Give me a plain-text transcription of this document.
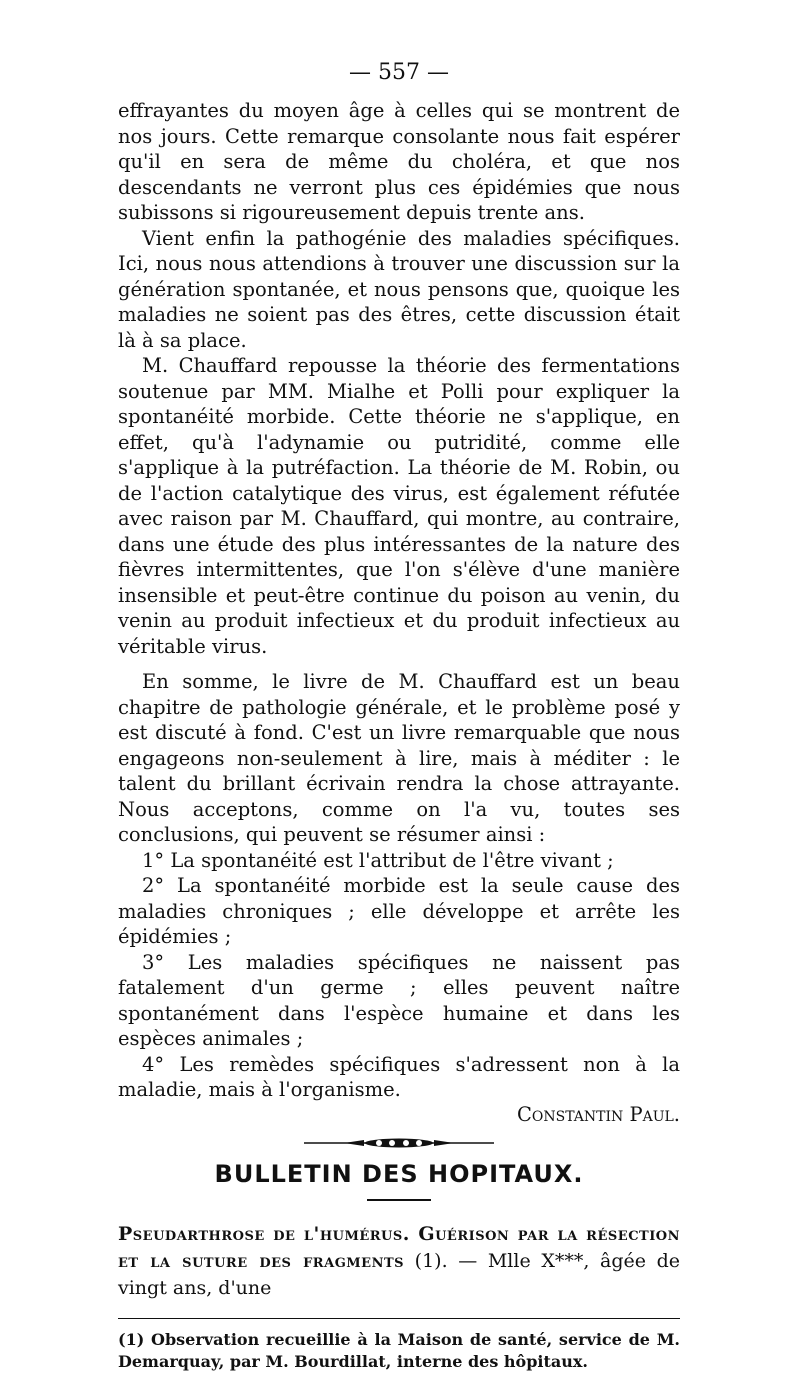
— 557 —

effrayantes du moyen âge à celles qui se montrent de nos jours. Cette remarque consolante nous fait espérer qu'il en sera de même du choléra, et que nos descendants ne verront plus ces épidémies que nous subissons si rigoureusement depuis trente ans.

Vient enfin la pathogénie des maladies spécifiques. Ici, nous nous attendions à trouver une discussion sur la génération spontanée, et nous pensons que, quoique les maladies ne soient pas des êtres, cette discussion était là à sa place.

M. Chauffard repousse la théorie des fermentations soutenue par MM. Mialhe et Polli pour expliquer la spontanéité morbide. Cette théorie ne s'applique, en effet, qu'à l'adynamie ou putridité, comme elle s'applique à la putréfaction. La théorie de M. Robin, ou de l'action catalytique des virus, est également réfutée avec raison par M. Chauffard, qui montre, au contraire, dans une étude des plus intéressantes de la nature des fièvres intermittentes, que l'on s'élève d'une manière insensible et peut-être continue du poison au venin, du venin au produit infectieux et du produit infectieux au véritable virus.

En somme, le livre de M. Chauffard est un beau chapitre de pathologie générale, et le problème posé y est discuté à fond. C'est un livre remarquable que nous engageons non-seulement à lire, mais à méditer : le talent du brillant écrivain rendra la chose attrayante. Nous acceptons, comme on l'a vu, toutes ses conclusions, qui peuvent se résumer ainsi :

1° La spontanéité est l'attribut de l'être vivant ;

2° La spontanéité morbide est la seule cause des maladies chroniques ; elle développe et arrête les épidémies ;

3° Les maladies spécifiques ne naissent pas fatalement d'un germe ; elles peuvent naître spontanément dans l'espèce humaine et dans les espèces animales ;

4° Les remèdes spécifiques s'adressent non à la maladie, mais à l'organisme.

Constantin Paul.

BULLETIN DES HOPITAUX.
Pseudarthrose de l'humérus. Guérison par la résection et la suture des fragments (1). — Mlle X***, âgée de vingt ans, d'une
(1) Observation recueillie à la Maison de santé, service de M. Demarquay, par M. Bourdillat, interne des hôpitaux.
